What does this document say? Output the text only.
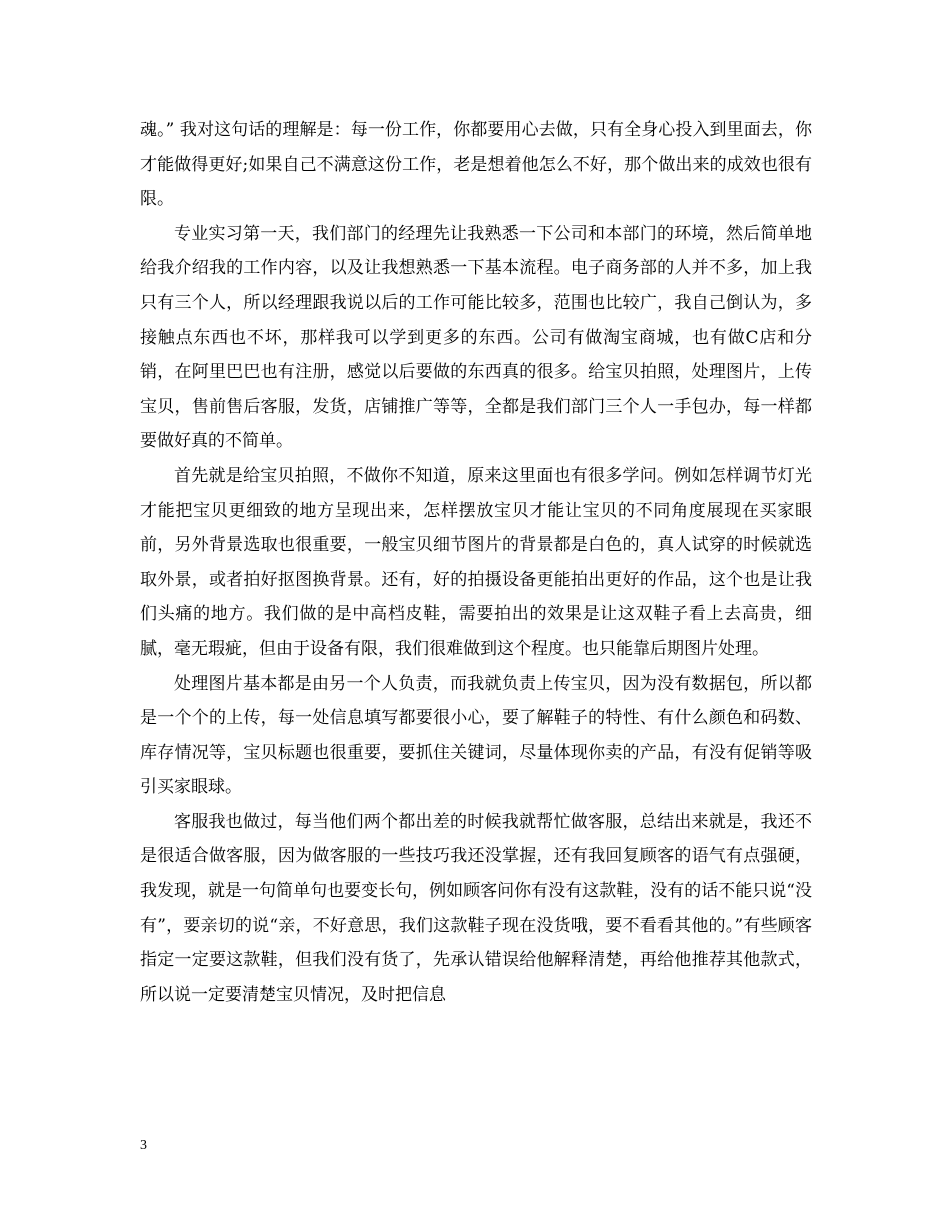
魂。” 我对这句话的理解是：每一份工作，你都要用心去做，只有全身心投入到里面去，你才能做得更好;如果自己不满意这份工作，老是想着他怎么不好，那个做出来的成效也很有限。

专业实习第一天，我们部门的经理先让我熟悉一下公司和本部门的环境，然后简单地给我介绍我的工作内容，以及让我想熟悉一下基本流程。电子商务部的人并不多，加上我只有三个人，所以经理跟我说以后的工作可能比较多，范围也比较广，我自己倒认为，多接触点东西也不坏，那样我可以学到更多的东西。公司有做淘宝商城，也有做C店和分销，在阿里巴巴也有注册，感觉以后要做的东西真的很多。给宝贝拍照，处理图片，上传宝贝，售前售后客服，发货，店铺推广等等，全都是我们部门三个人一手包办，每一样都要做好真的不简单。

首先就是给宝贝拍照，不做你不知道，原来这里面也有很多学问。例如怎样调节灯光才能把宝贝更细致的地方呈现出来，怎样摆放宝贝才能让宝贝的不同角度展现在买家眼前，另外背景选取也很重要，一般宝贝细节图片的背景都是白色的，真人试穿的时候就选取外景，或者拍好抠图换背景。还有，好的拍摄设备更能拍出更好的作品，这个也是让我们头痛的地方。我们做的是中高档皮鞋，需要拍出的效果是让这双鞋子看上去高贵，细腻，毫无瑕疵，但由于设备有限，我们很难做到这个程度。也只能靠后期图片处理。

处理图片基本都是由另一个人负责，而我就负责上传宝贝，因为没有数据包，所以都是一个个的上传，每一处信息填写都要很小心，要了解鞋子的特性、有什么颜色和码数、库存情况等，宝贝标题也很重要，要抓住关键词，尽量体现你卖的产品，有没有促销等吸引买家眼球。

客服我也做过，每当他们两个都出差的时候我就帮忙做客服，总结出来就是，我还不是很适合做客服，因为做客服的一些技巧我还没掌握，还有我回复顾客的语气有点强硬，我发现，就是一句简单句也要变长句，例如顾客问你有没有这款鞋，没有的话不能只说“没有”，要亲切的说“亲，不好意思，我们这款鞋子现在没货哦，要不看看其他的。”有些顾客指定一定要这款鞋，但我们没有货了，先承认错误给他解释清楚，再给他推荐其他款式，所以说一定要清楚宝贝情况，及时把信息

3
